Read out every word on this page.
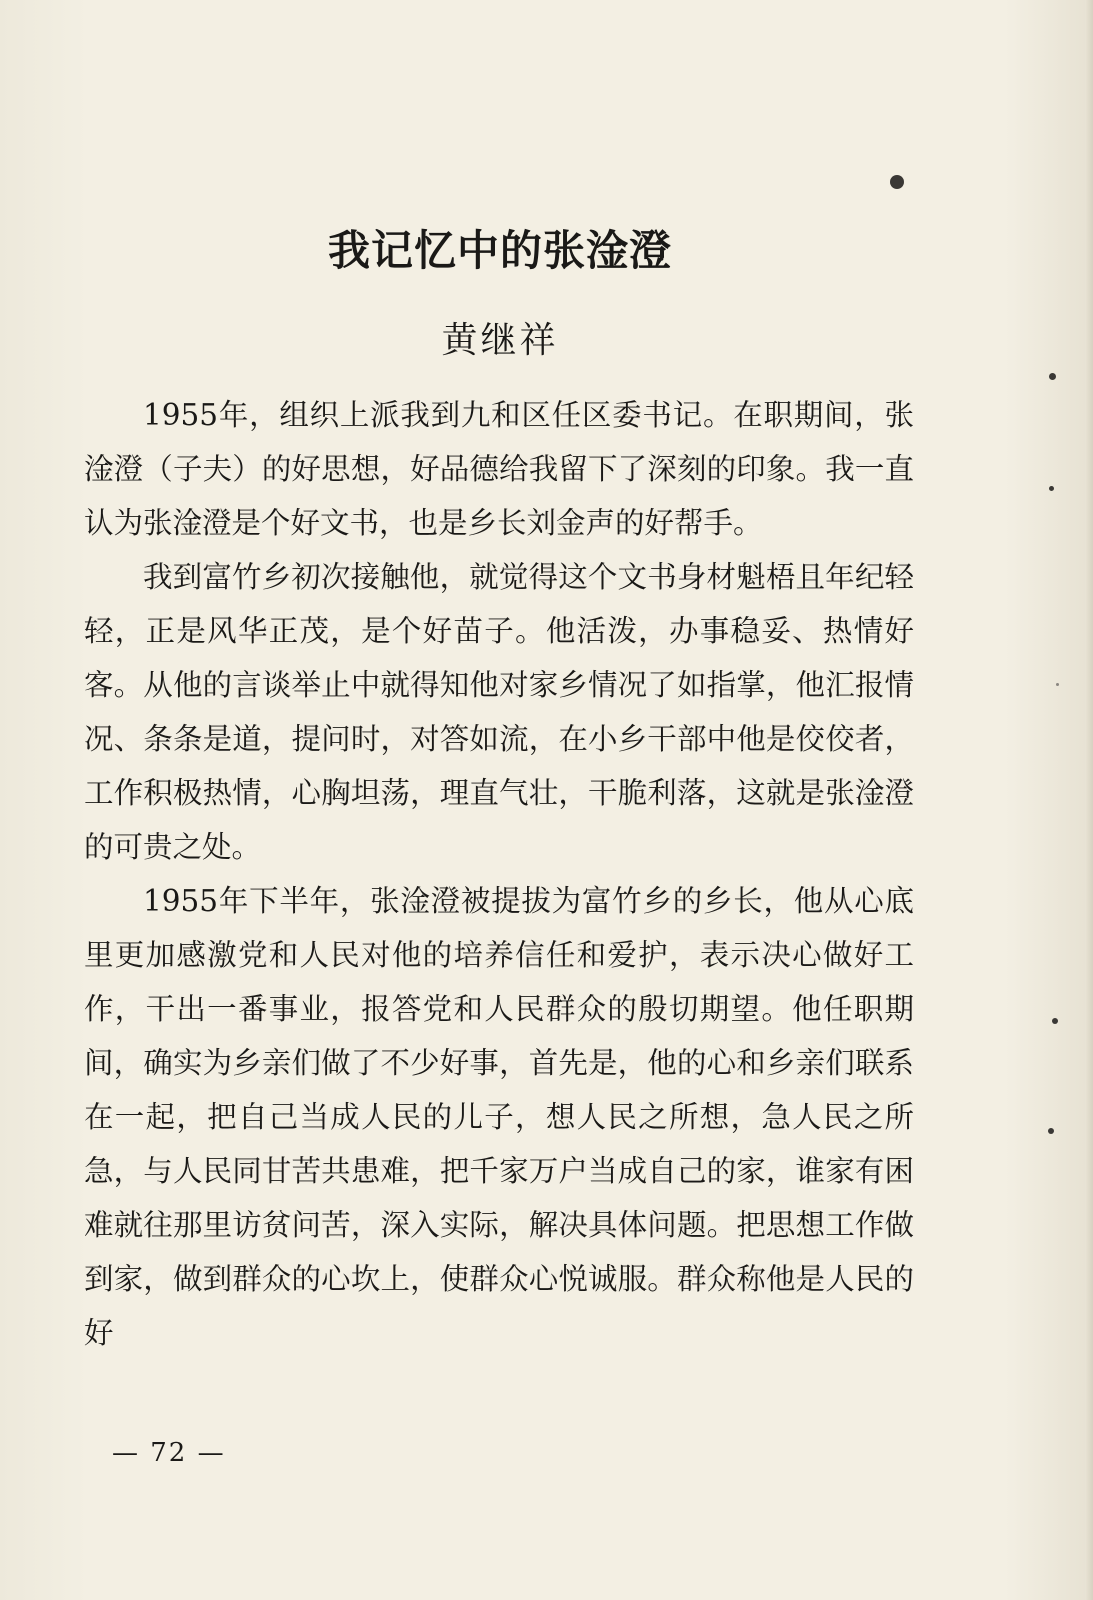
我记忆中的张淦澄
黄继祥

1955年，组织上派我到九和区任区委书记。在职期间，张淦澄（子夫）的好思想，好品德给我留下了深刻的印象。我一直认为张淦澄是个好文书，也是乡长刘金声的好帮手。

我到富竹乡初次接触他，就觉得这个文书身材魁梧且年纪轻轻，正是风华正茂，是个好苗子。他活泼，办事稳妥、热情好客。从他的言谈举止中就得知他对家乡情况了如指掌，他汇报情况、条条是道，提问时，对答如流，在小乡干部中他是佼佼者，工作积极热情，心胸坦荡，理直气壮，干脆利落，这就是张淦澄的可贵之处。

1955年下半年，张淦澄被提拔为富竹乡的乡长，他从心底里更加感激党和人民对他的培养信任和爱护，表示决心做好工作，干出一番事业，报答党和人民群众的殷切期望。他任职期间，确实为乡亲们做了不少好事，首先是，他的心和乡亲们联系在一起，把自己当成人民的儿子，想人民之所想，急人民之所急，与人民同甘苦共患难，把千家万户当成自己的家，谁家有困难就往那里访贫问苦，深入实际，解决具体问题。把思想工作做到家，做到群众的心坎上，使群众心悦诚服。群众称他是人民的好

— 72 —
